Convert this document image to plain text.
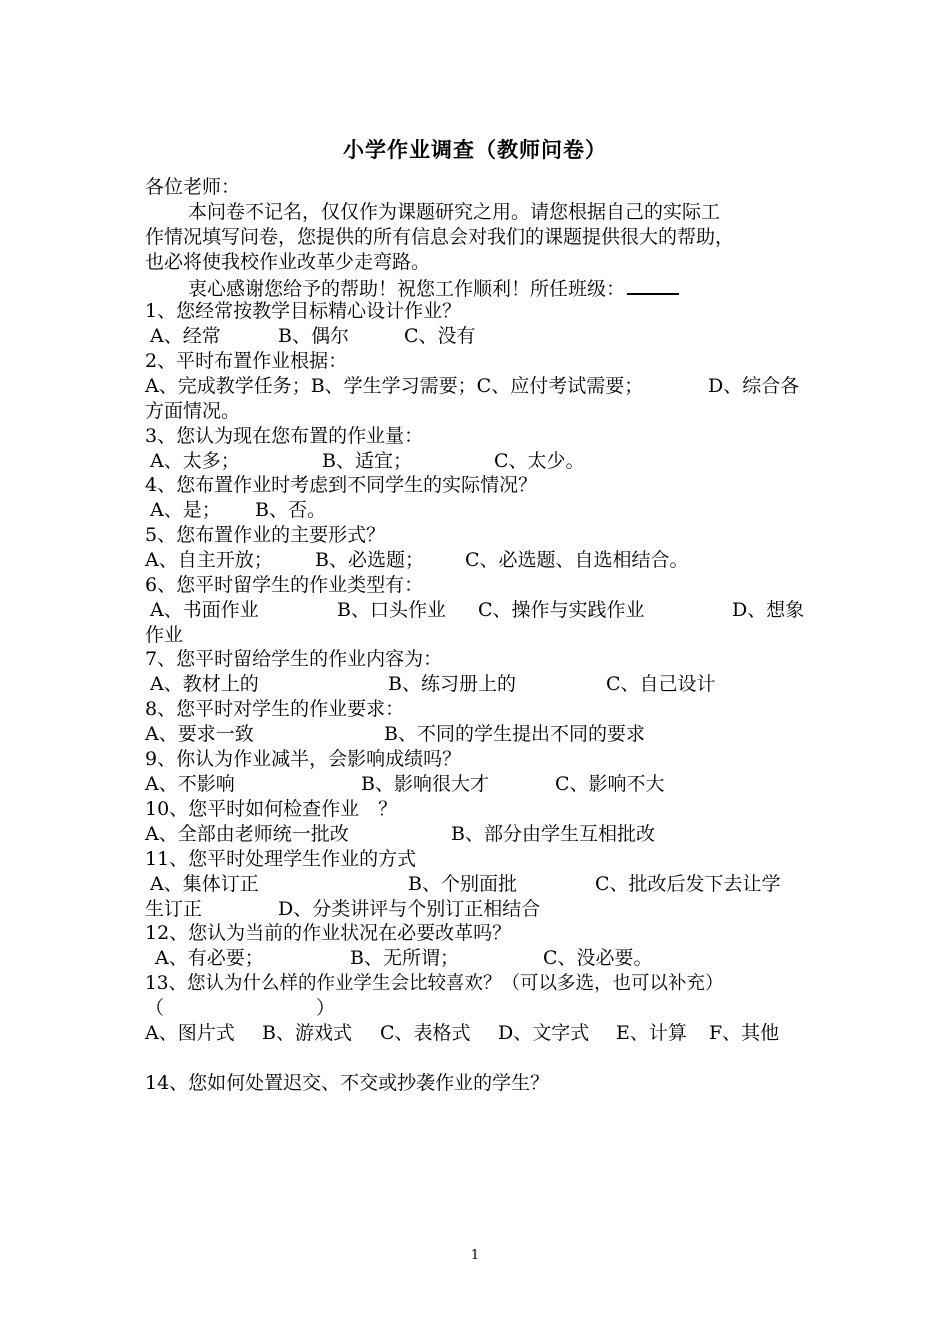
小学作业调查（教师问卷）
各位老师：
本问卷不记名，仅仅作为课题研究之用。请您根据自己的实际工
作情况填写问卷，您提供的所有信息会对我们的课题提供很大的帮助，
也必将使我校作业改革少走弯路。
衷心感谢您给予的帮助！祝您工作顺利！所任班级：
1、您经常按教学目标精心设计作业？
A、经常	B、偶尔	C、没有
2、平时布置作业根据：
A、完成教学任务；B、学生学习需要；C、应付考试需要；	D、综合各
方面情况。
3、您认为现在您布置的作业量：
A、太多；	B、适宜；	C、太少。
4、您布置作业时考虑到不同学生的实际情况？
A、是； B、否。
5、您布置作业的主要形式？
A、自主开放； B、必选题； C、必选题、自选相结合。
6、您平时留学生的作业类型有：
A、书面作业	B、口头作业 C、操作与实践作业	D、想象
作业
7、您平时留给学生的作业内容为：
A、教材上的	B、练习册上的	C、自己设计
8、您平时对学生的作业要求：
A、要求一致	B、不同的学生提出不同的要求
9、你认为作业减半，会影响成绩吗？
A、不影响	B、影响很大才	C、影响不大
10、您平时如何检查作业　？
A、全部由老师统一批改	B、部分由学生互相批改
11、您平时处理学生作业的方式
A、集体订正	B、个别面批	C、批改后发下去让学
生订正	D、分类讲评与个别订正相结合
12、您认为当前的作业状况在必要改革吗？
A、有必要；	B、无所谓；	C、没必要。
13、您认为什么样的作业学生会比较喜欢？（可以多选，也可以补充）
（　　　　　　　　）
A、图片式 B、游戏式 C、表格式 D、文字式 E、计算 F、其他
14、您如何处置迟交、不交或抄袭作业的学生？
1
